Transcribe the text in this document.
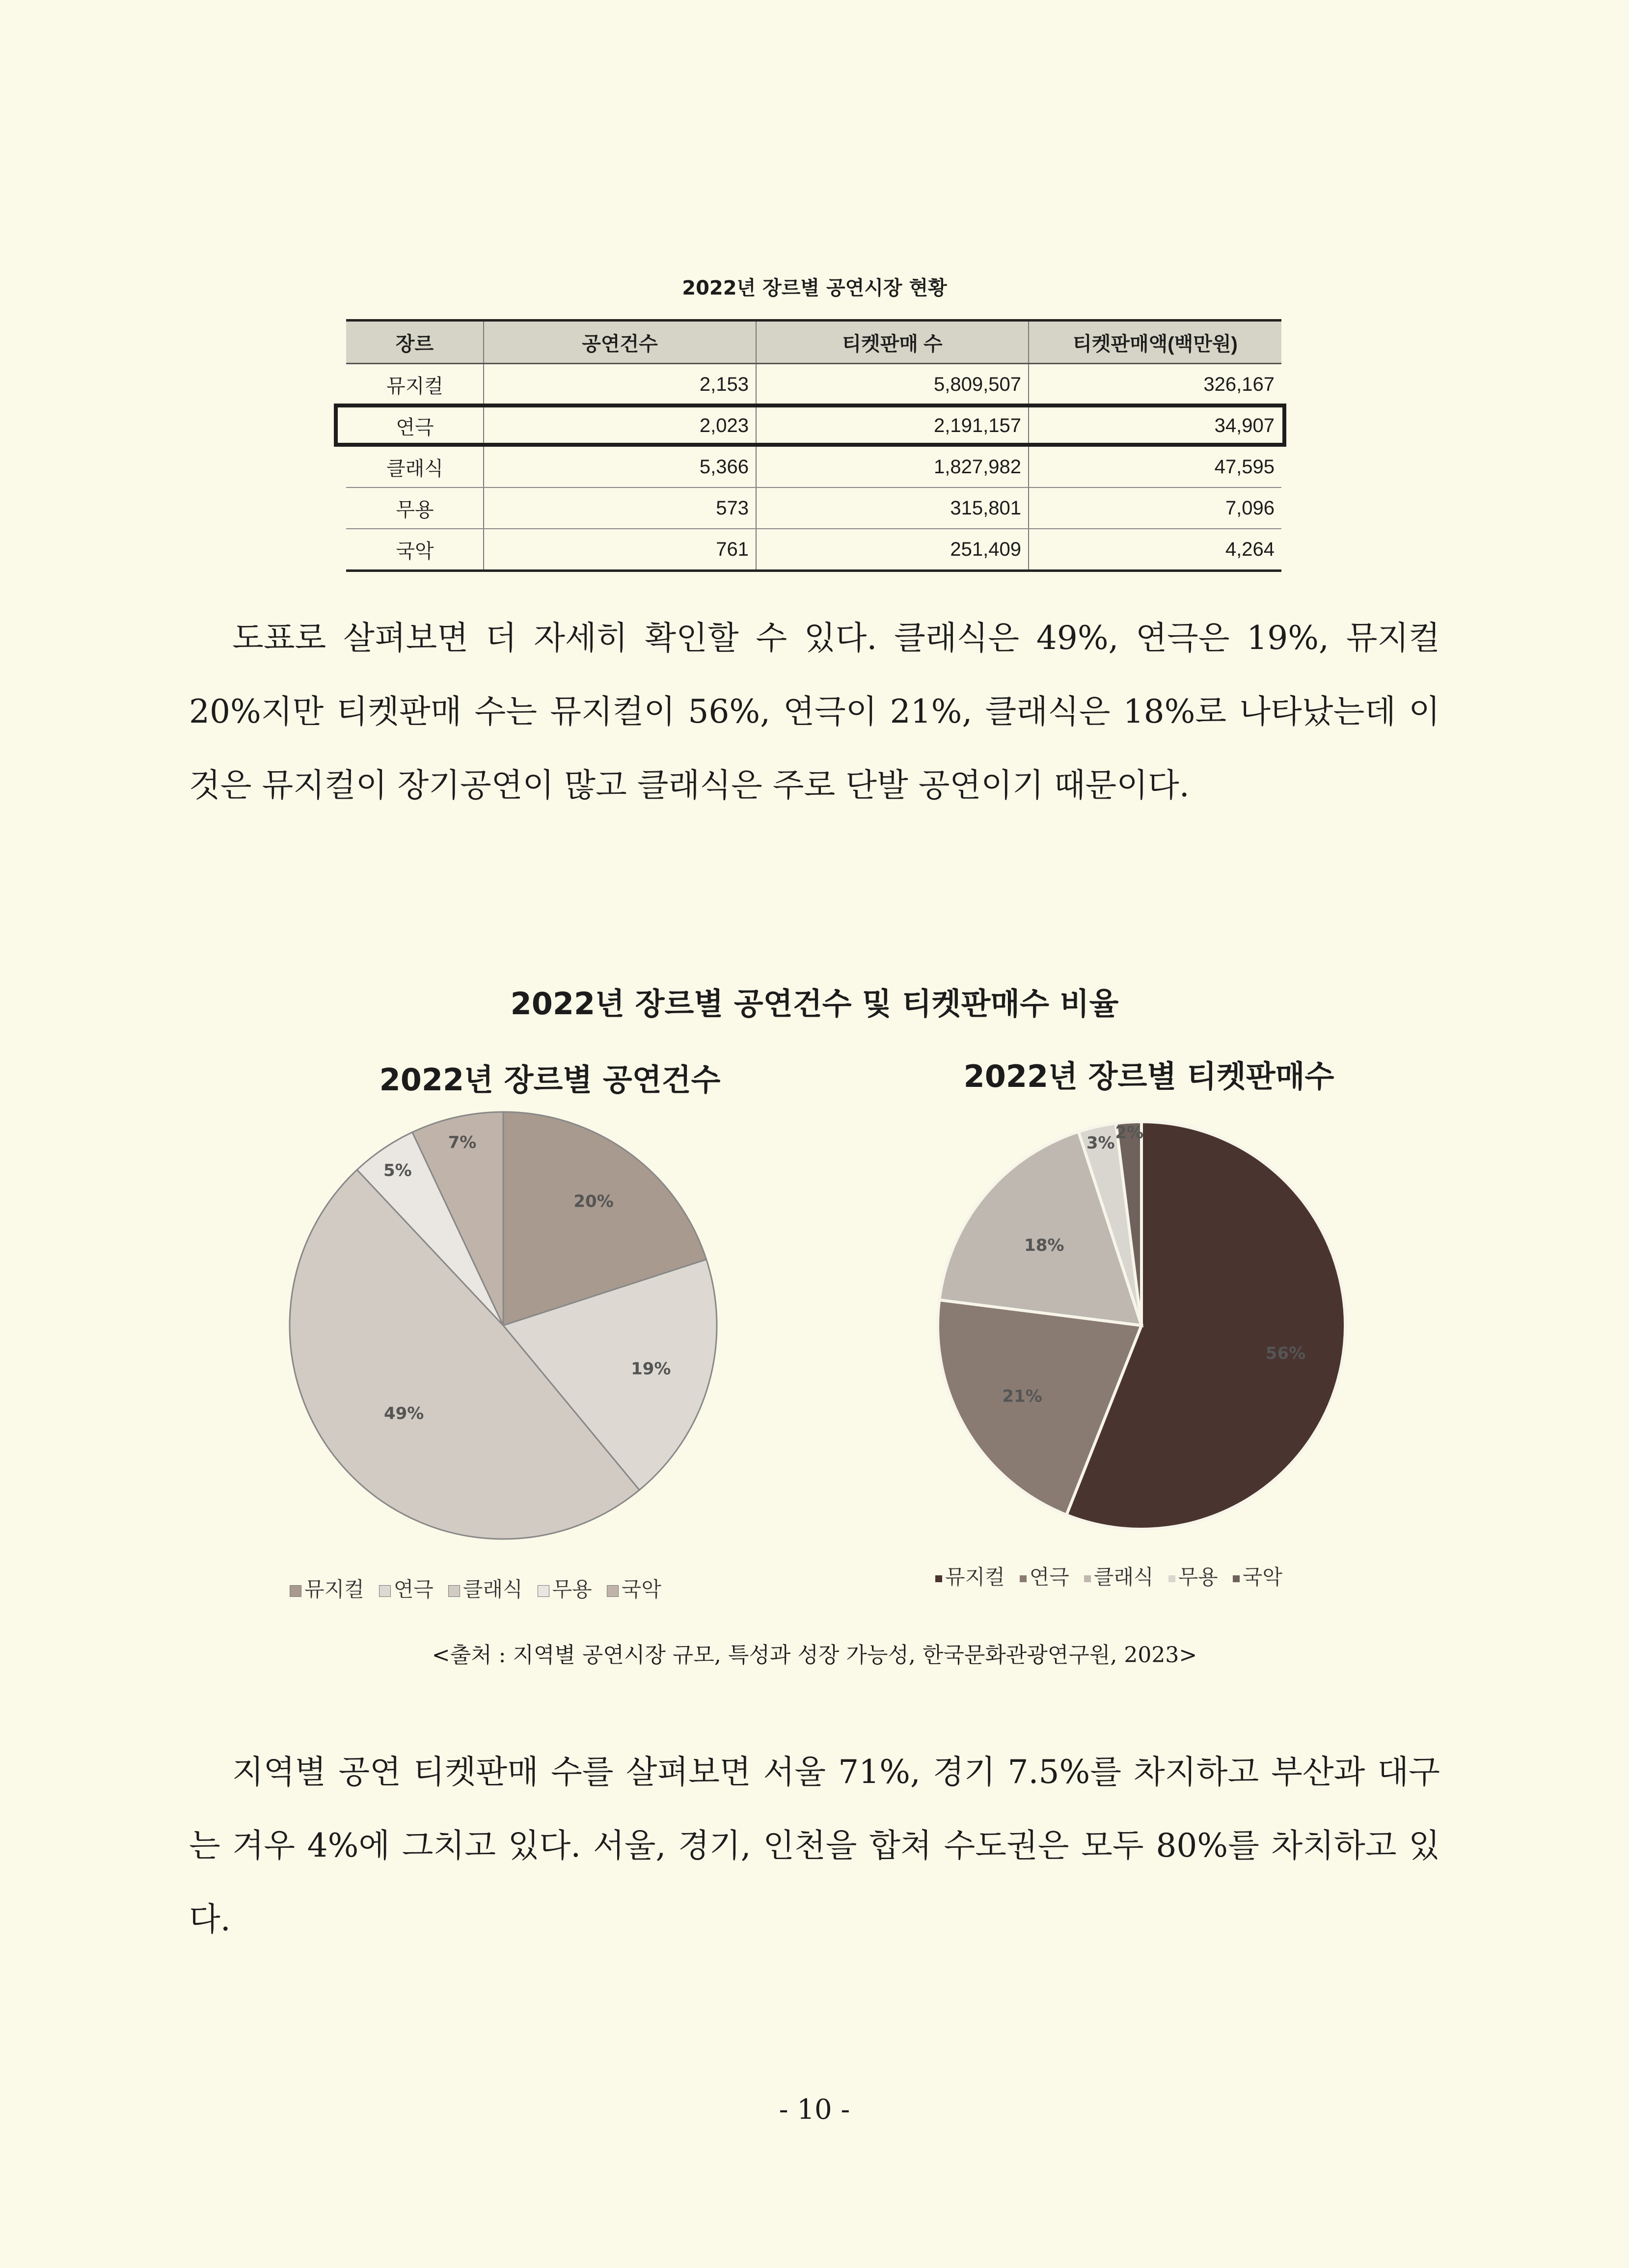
2022년 장르별 공연시장 현황
장르	공연건수	티켓판매 수	티켓판매액(백만원)
뮤지컬	2,153	5,809,507	326,167
연극	2,023	2,191,157	34,907
클래식	5,366	1,827,982	47,595
무용	573	315,801	7,096
국악	761	251,409	4,264

도표로 살펴보면 더 자세히 확인할 수 있다. 클래식은 49%, 연극은 19%, 뮤지컬 20%지만 티켓판매 수는 뮤지컬이 56%, 연극이 21%, 클래식은 18%로 나타났는데 이것은 뮤지컬이 장기공연이 많고 클래식은 주로 단발 공연이기 때문이다.

2022년 장르별 공연건수 및 티켓판매수 비율
2022년 장르별 공연건수	2022년 장르별 티켓판매수
20%
19%
49%
5%
7%
56%
21%
18%
3%
2%
뮤지컬 연극 클래식 무용 국악
뮤지컬 연극 클래식 무용 국악
<출처 : 지역별 공연시장 규모, 특성과 성장 가능성, 한국문화관광연구원, 2023>

지역별 공연 티켓판매 수를 살펴보면 서울 71%, 경기 7.5%를 차지하고 부산과 대구는 겨우 4%에 그치고 있다. 서울, 경기, 인천을 합쳐 수도권은 모두 80%를 차치하고 있다.

- 10 -
